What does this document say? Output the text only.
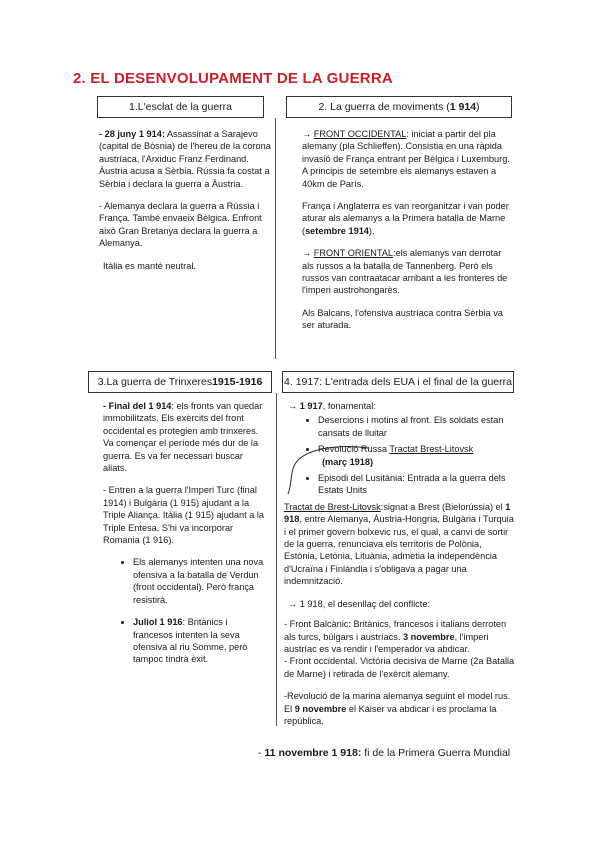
2. EL DESENVOLUPAMENT DE LA GUERRA
1.L'esclat de la guerra	2. La guerra de moviments ( 1 914 )
3.La guerra de Trinxeres 1915-1916 4. 1917: L'entrada dels EUA i el final de la guerra

- 28 juny 1 914: Assassinat a Sarajevo (capital de Bòsnia) de l'hereu de la corona austríaca, l'Arxiduc Franz Ferdinand. Àustria acusa a Sèrbia. Rússia fa costat a Sèrbia i declara la guerra a Àustria.

- Alemanya declara la guerra a Rússia i França. També envaeix Bèlgica. Enfront això Gran Bretanya declara la guerra a Alemanya.

Itàlia es manté neutral.

→ FRONT OCCIDENTAL: iniciat a partir del pla alemany (pla Schlieffen). Consistia en una ràpida invasió de França entrant per Bèlgica i Luxemburg. A principis de setembre els alemanys estaven a 40km de París.

França i Anglaterra es van reorganitzar i van poder aturar als alemanys a la Primera batalla de Marne (setembre 1914).

→ FRONT ORIENTAL:els alemanys van derrotar als russos a la batalla de Tannenberg. Però els russos van contraatacar arribant a les fronteres de l'imperi austrohongarès.

Als Balcans, l'ofensiva austríaca contra Sèrbia va ser aturada.

- Final del 1 914: els fronts van quedar immobilitzats. Els exèrcits del front occidental es protegien amb trinxeres. Va començar el període més dur de la guerra. Es va fer necessari buscar aliats.

- Entren a la guerra l'Imperi Turc (final 1914) i Bulgària (1 915) ajudant a la Triple Aliança. Itàlia (1 915) ajudant a la Triple Entesa. S'hi va incorporar Romania (1 916).

• Els alemanys intenten una nova ofensiva a la batalla de Verdun (front occidental). Però frança resistirà.
• Juliol 1 916: Britànics i francesos intenten la seva ofensiva al riu Somme, però tampoc tindrà èxit.

→ 1 917, fonamental:

• Desercions i motins al front. Els soldats estan cansats de lluitar
• Revolució Russa Tractat Brest-Litovsk
(març 1918)
• Episodi del Lusitània: Entrada a la guerra dels Estats Units

Tractat de Brest-Litovsk:signat a Brest (Bielorússia) el 1 918, entre Alemanya, Àustria-Hongria, Bulgària i Turquia i el primer govern bolxevic rus, el qual, a canvi de sortir de la guerra, renunciava els territoris de Polònia, Estònia, Letònia, Lituània, admetia la independència d'Ucraïna i Finlàndia i s'obligava a pagar una indemnització.

→ 1 918, el desenllaç del conflicte:

- Front Balcànic: Britànics, francesos i italians derroten als turcs, búlgars i austríacs. 3 novembre, l'imperi austríac es va rendir i l'emperador va abdicar.

- Front occidental. Victòria decisiva de Marne (2a Batalla de Marne) i retirada de l'exèrcit alemany.

-Revolució de la marina alemanya seguint el model rus. El 9 novembre el Káiser va abdicar i es proclama la república.

- 11 novembre 1 918: fi de la Primera Guerra Mundial
